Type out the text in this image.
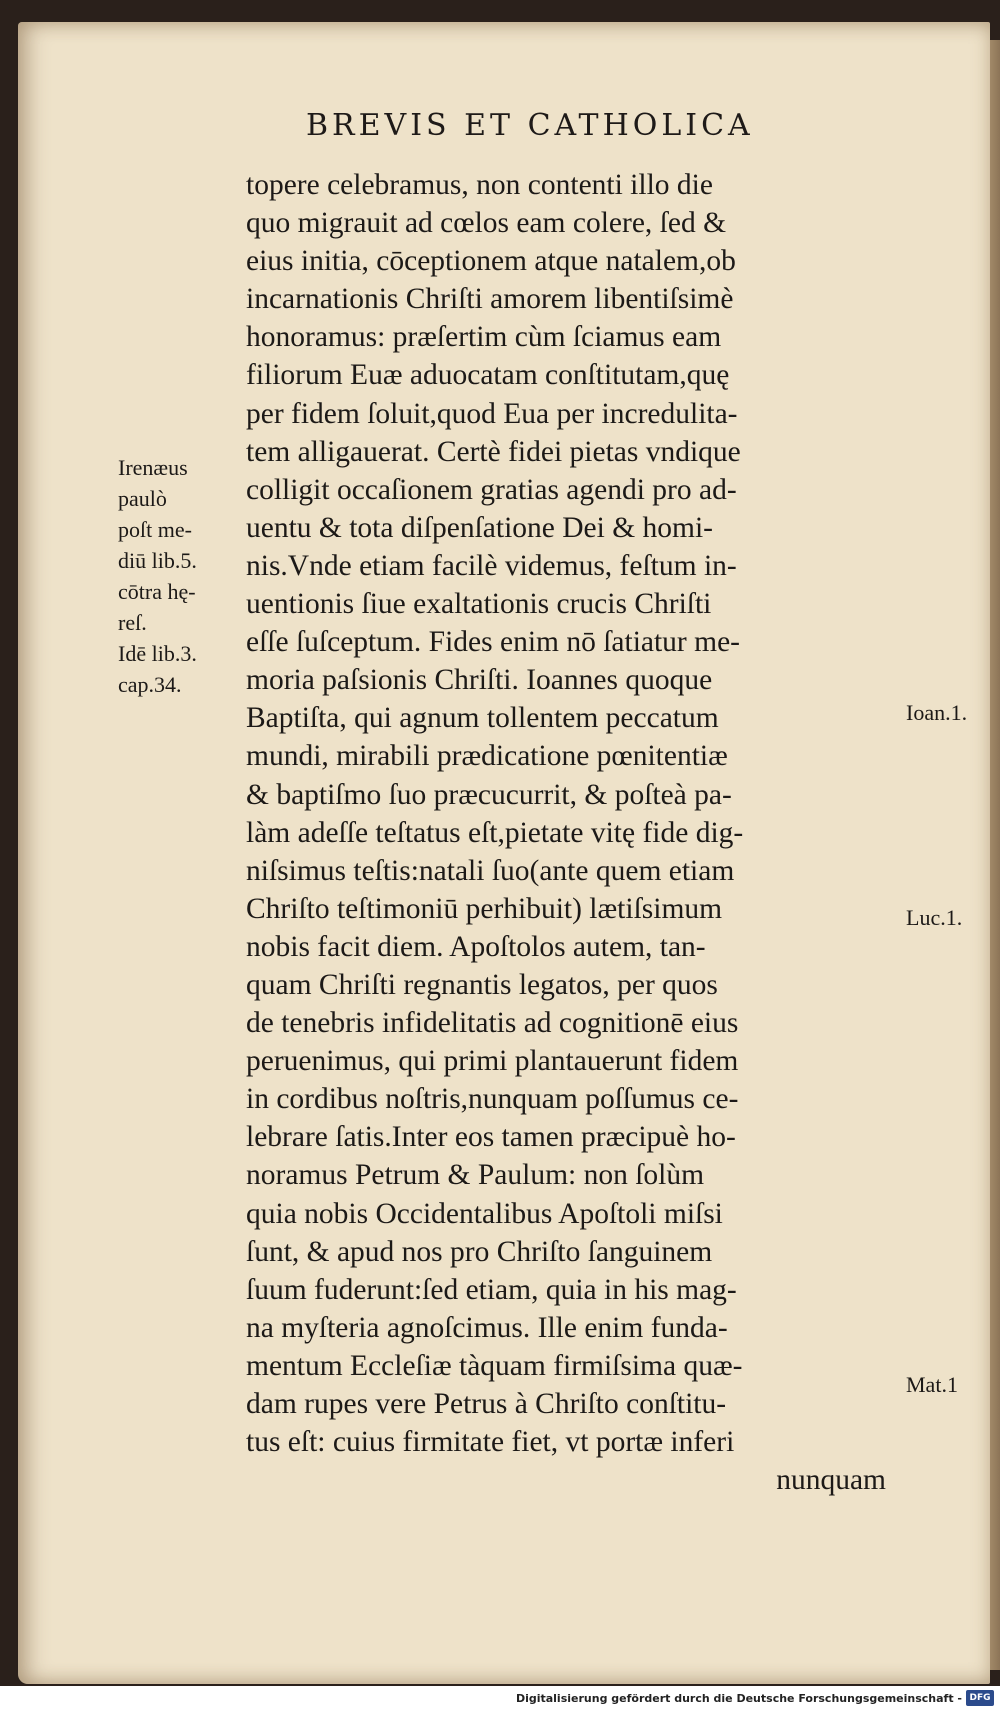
BREVIS ET CATHOLICA
Irenæus
paulò
poſt me-
diū lib.5.
cōtra hę-
reſ.
Idē lib.3.
cap.34.
topere celebramus, non contenti illo die
quo migrauit ad cœlos eam colere, ſed &
eius initia, cōceptionem atque natalem,ob
incarnationis Chriſti amorem libentiſsimè
honoramus: præſertim cùm ſciamus eam
filiorum Euæ aduocatam conſtitutam,quę
per fidem ſoluit,quod Eua per incredulita-
tem alligauerat. Certè fidei pietas vndique
colligit occaſionem gratias agendi pro ad-
uentu & tota diſpenſatione Dei & homi-
nis.Vnde etiam facilè videmus, feſtum in-
uentionis ſiue exaltationis crucis Chriſti
eſſe ſuſceptum. Fides enim nō ſatiatur me-
moria paſsionis Chriſti. Ioannes quoque
Baptiſta, qui agnum tollentem peccatum
mundi, mirabili prædicatione pœnitentiæ
& baptiſmo ſuo præcucurrit, & poſteà pa-
làm adeſſe teſtatus eſt,pietate vitę fide dig-
niſsimus teſtis:natali ſuo(ante quem etiam
Chriſto teſtimoniū perhibuit) lætiſsimum
nobis facit diem. Apoſtolos autem, tan-
quam Chriſti regnantis legatos, per quos
de tenebris infidelitatis ad cognitionē eius
peruenimus, qui primi plantauerunt fidem
in cordibus noſtris,nunquam poſſumus ce-
lebrare ſatis.Inter eos tamen præcipuè ho-
noramus Petrum & Paulum: non ſolùm
quia nobis Occidentalibus Apoſtoli miſsi
ſunt, & apud nos pro Chriſto ſanguinem
ſuum fuderunt:ſed etiam, quia in his mag-
na myſteria agnoſcimus. Ille enim funda-
mentum Eccleſiæ tàquam firmiſsima quæ-
dam rupes vere Petrus à Chriſto conſtitu-
tus eſt: cuius firmitate fiet, vt portæ inferi
nunquam
Ioan.1.
Luc.1.
Mat.1
Digitalisierung gefördert durch die Deutsche Forschungsgemeinschaft - DFG
